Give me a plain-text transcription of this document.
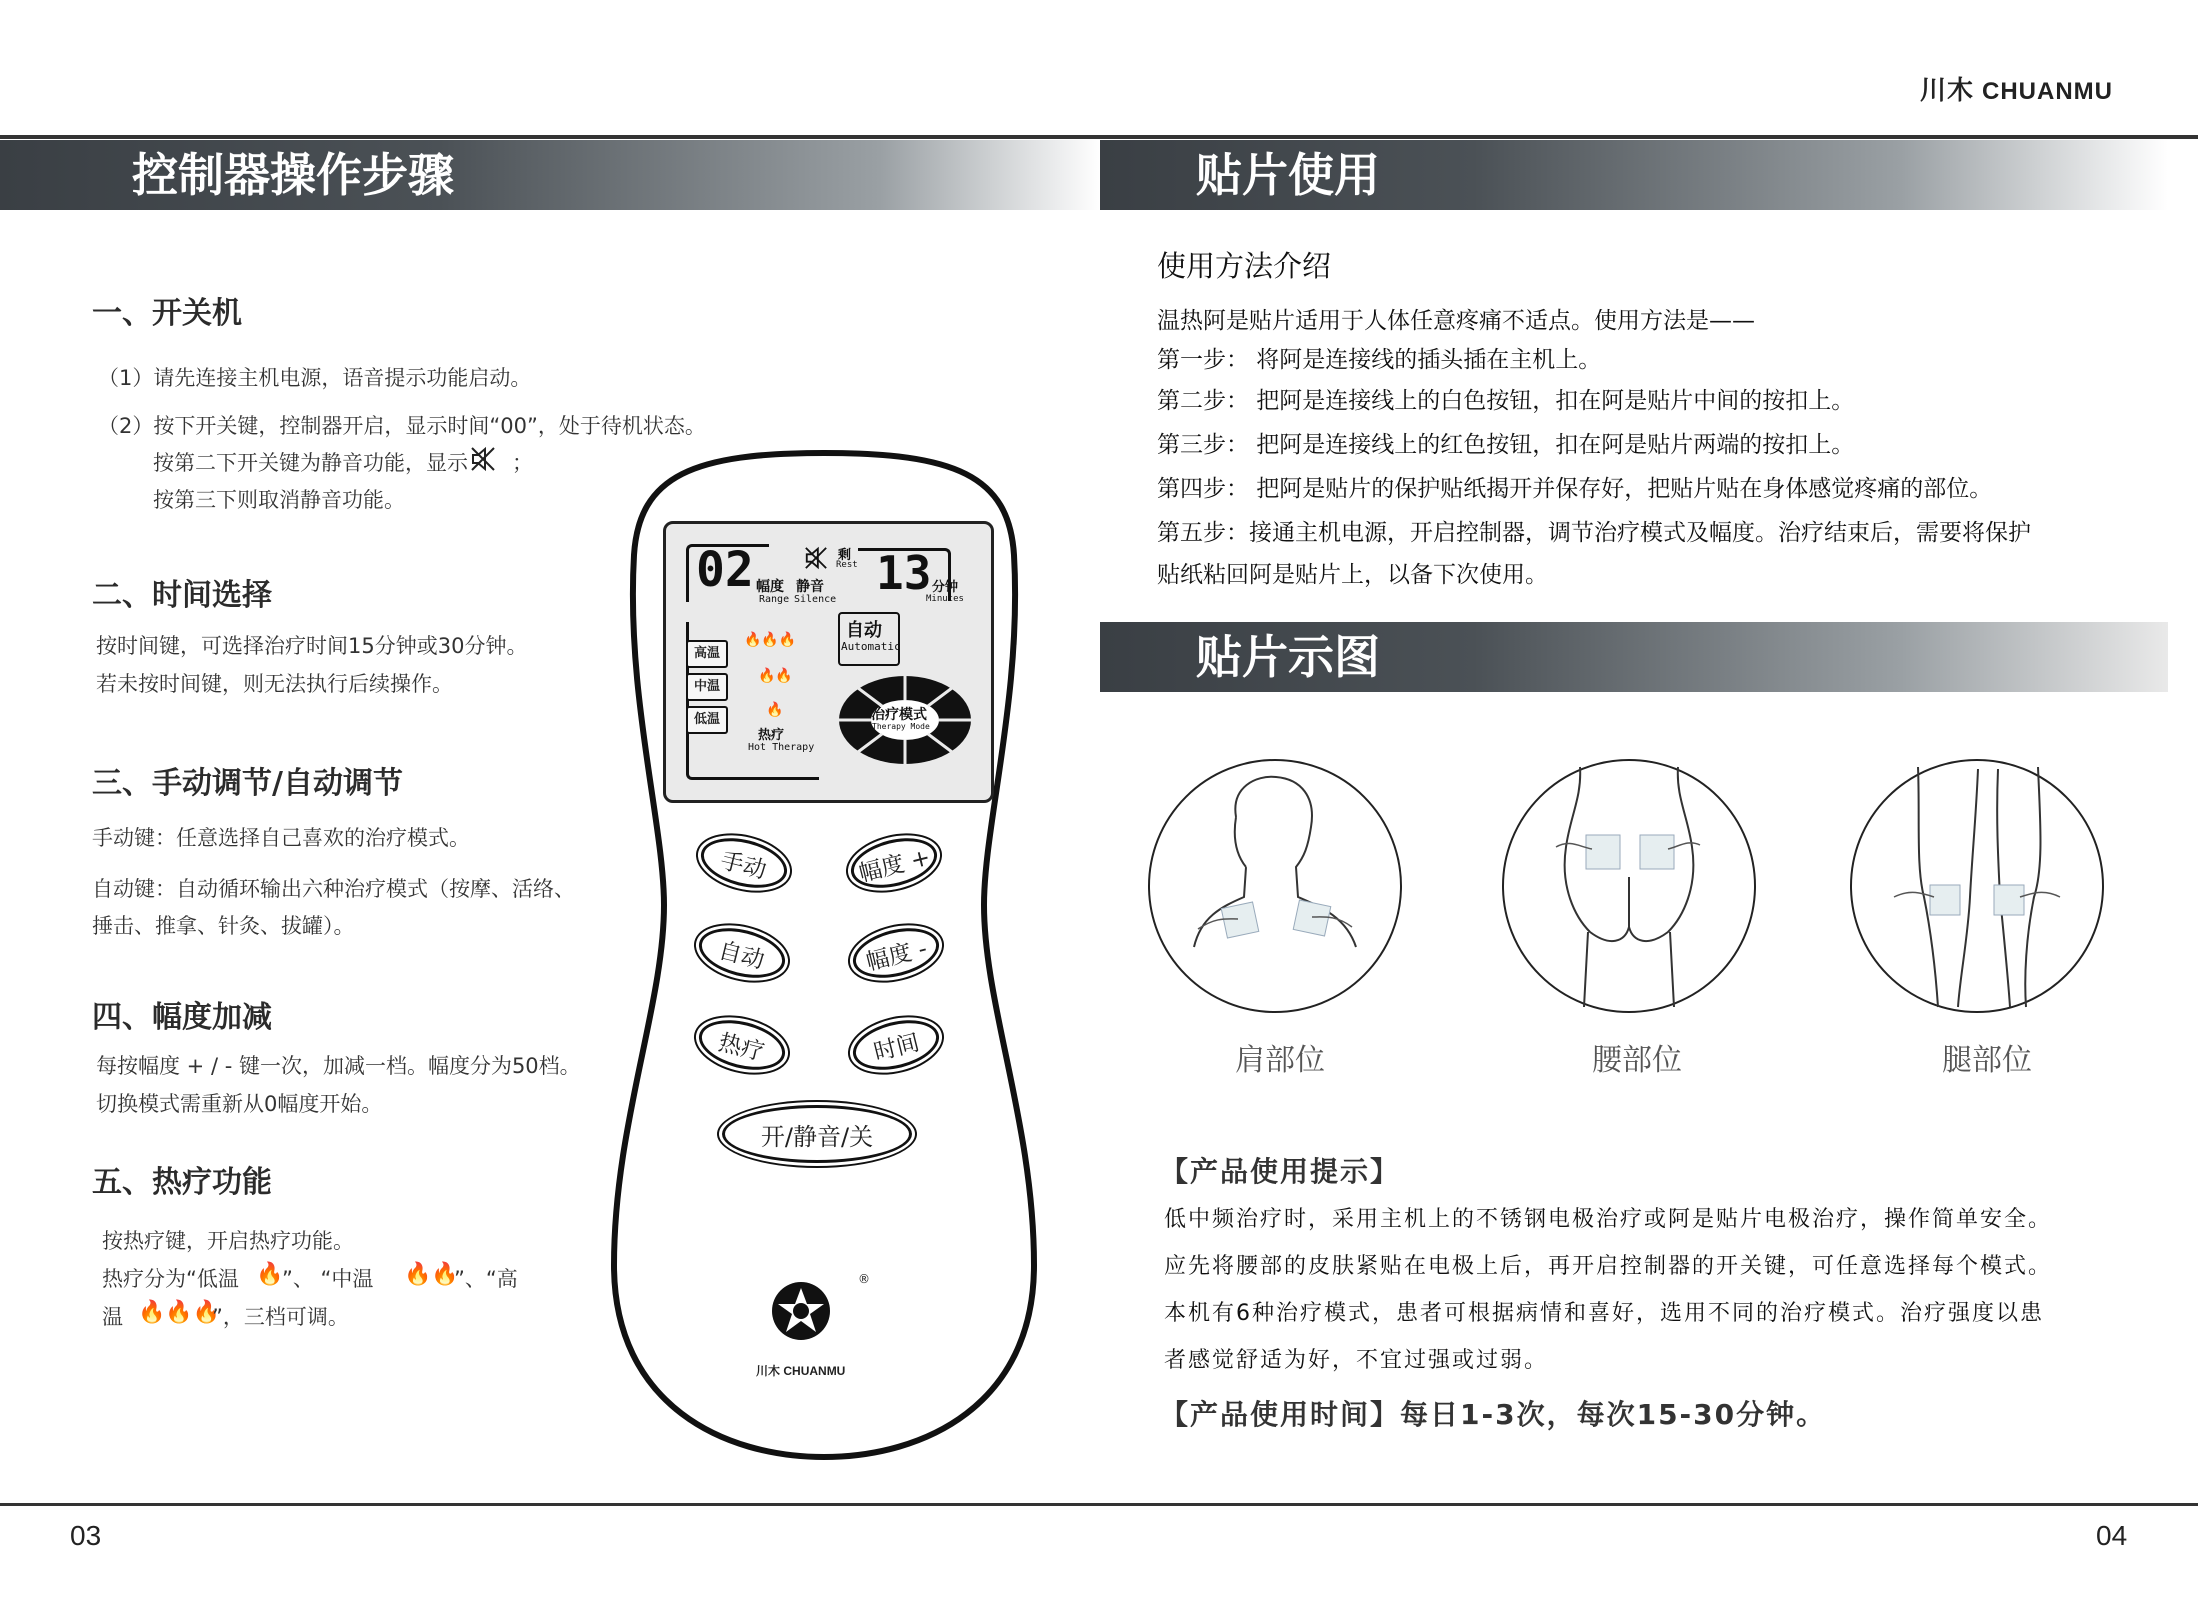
川木 CHUANMU
控制器操作步骤	贴片使用
一、开关机
（1）请先连接主机电源，语音提示功能启动。
（2）按下开关键，控制器开启，显示时间“00”，处于待机状态。
按第二下开关键为静音功能，显示 ；
按第三下则取消静音功能。
二、时间选择
按时间键，可选择治疗时间15分钟或30分钟。
若未按时间键，则无法执行后续操作。
三、手动调节/自动调节
手动键：任意选择自己喜欢的治疗模式。
自动键：自动循环输出六种治疗模式（按摩、活络、
捶击、推拿、针灸、拔罐）。
四、幅度加减
每按幅度 + / - 键一次，加减一档。幅度分为50档。
切换模式需重新从0幅度开始。
五、热疗功能
按热疗键，开启热疗功能。
热疗分为“低温 🔥
”、 “中温 🔥🔥
”、“高
温 🔥🔥🔥
”，三档可调。
02 幅度
Range
静音
Silence
剩
Rest 13 分钟
Minutes
高温
中温
低温
🔥🔥🔥
🔥🔥
🔥
热疗
Hot Therapy
自动
Automatic
治疗模式
Therapy Mode
手动	幅度 +
自动	幅度 -
热疗	时间
开/静音/关
®
川木 CHUANMU
使用方法介绍
温热阿是贴片适用于人体任意疼痛不适点。使用方法是——
第一步： 将阿是连接线的插头插在主机上。
第二步： 把阿是连接线上的白色按钮，扣在阿是贴片中间的按扣上。
第三步： 把阿是连接线上的红色按钮，扣在阿是贴片两端的按扣上。
第四步： 把阿是贴片的保护贴纸揭开并保存好，把贴片贴在身体感觉疼痛的部位。
第五步：接通主机电源，开启控制器，调节治疗模式及幅度。治疗结束后，需要将保护
贴纸粘回阿是贴片上，以备下次使用。
贴片示图
肩部位	腰部位	腿部位
【产品使用提示】
低中频治疗时，采用主机上的不锈钢电极治疗或阿是贴片电极治疗，操作简单安全。
应先将腰部的皮肤紧贴在电极上后，再开启控制器的开关键，可任意选择每个模式。
本机有6种治疗模式，患者可根据病情和喜好，选用不同的治疗模式。治疗强度以患
者感觉舒适为好，不宜过强或过弱。
【产品使用时间】每日1-3次，每次15-30分钟。
03	04
